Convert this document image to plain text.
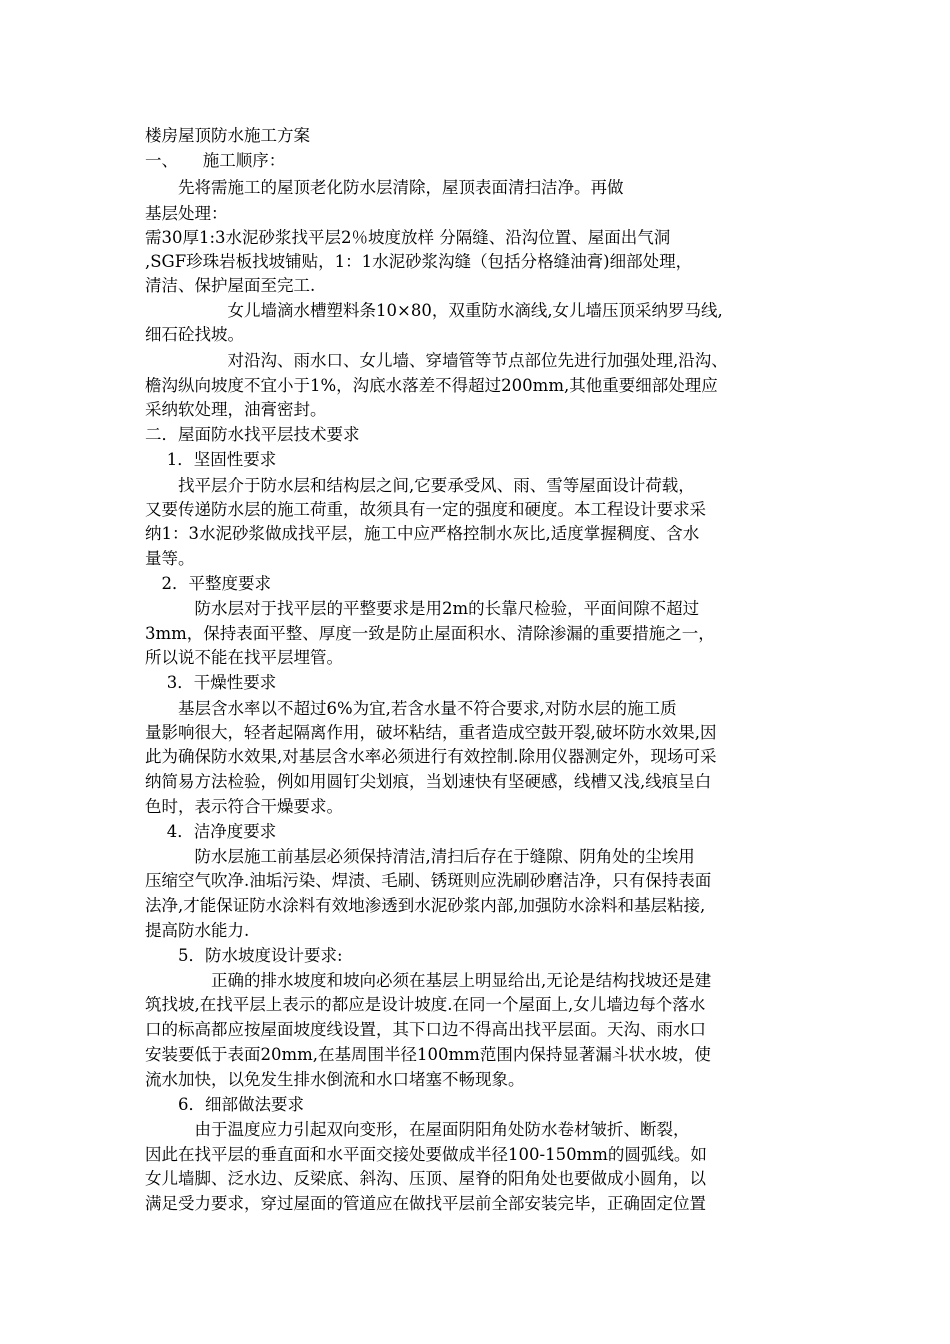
楼房屋顶防水施工方案
一、　　施工顺序：
　　先将需施工的屋顶老化防水层清除，屋顶表面清扫洁净。再做
基层处理：
需30厚1:3水泥砂浆找平层2％坡度放样 分隔缝、沿沟位置、屋面出气洞
,SGF珍珠岩板找坡铺贴，1：1水泥砂浆沟缝（包括分格缝油膏)细部处理，
清洁、保护屋面至完工.
　　　　　女儿墙滴水槽塑料条10×80，双重防水滴线,女儿墙压顶采纳罗马线,
细石砼找坡。
　　　　　对沿沟、雨水口、女儿墙、穿墙管等节点部位先进行加强处理,沿沟、
檐沟纵向坡度不宜小于1%，沟底水落差不得超过200mm,其他重要细部处理应
采纳软处理，油膏密封。
二．屋面防水找平层技术要求
　 1．坚固性要求
　　找平层介于防水层和结构层之间,它要承受风、雨、雪等屋面设计荷载，
又要传递防水层的施工荷重，故须具有一定的强度和硬度。本工程设计要求采
纳1：3水泥砂浆做成找平层，施工中应严格控制水灰比,适度掌握稠度、含水
量等。
　2．平整度要求
　　　防水层对于找平层的平整要求是用2m的长靠尺检验，平面间隙不超过
3mm，保持表面平整、厚度一致是防止屋面积水、清除渗漏的重要措施之一，
所以说不能在找平层埋管。
　 3．干燥性要求
　　基层含水率以不超过6%为宜,若含水量不符合要求,对防水层的施工质
量影响很大，轻者起隔离作用，破坏粘结，重者造成空鼓开裂,破坏防水效果,因
此为确保防水效果,对基层含水率必须进行有效控制.除用仪器测定外，现场可采
纳简易方法检验，例如用圆钉尖划痕，当划速快有坚硬感，线槽又浅,线痕呈白
色时，表示符合干燥要求。
　 4．洁净度要求
　　　防水层施工前基层必须保持清洁,清扫后存在于缝隙、阴角处的尘埃用
压缩空气吹净.油垢污染、焊渍、毛刷、锈斑则应洗刷砂磨洁净，只有保持表面
法净,才能保证防水涂料有效地渗透到水泥砂浆内部,加强防水涂料和基层粘接,
提高防水能力.
　　5．防水坡度设计要求:
　　　　正确的排水坡度和坡向必须在基层上明显给出,无论是结构找坡还是建
筑找坡,在找平层上表示的都应是设计坡度.在同一个屋面上,女儿墙边每个落水
口的标高都应按屋面坡度线设置，其下口边不得高出找平层面。天沟、雨水口
安装要低于表面20mm,在基周围半径100mm范围内保持显著漏斗状水坡，使
流水加快，以免发生排水倒流和水口堵塞不畅现象。
　　6．细部做法要求
　　　由于温度应力引起双向变形，在屋面阴阳角处防水卷材皱折、断裂，
因此在找平层的垂直面和水平面交接处要做成半径100-150mm的圆弧线。如
女儿墙脚、泛水边、反梁底、斜沟、压顶、屋脊的阳角处也要做成小圆角，以
满足受力要求，穿过屋面的管道应在做找平层前全部安装完毕，正确固定位置
